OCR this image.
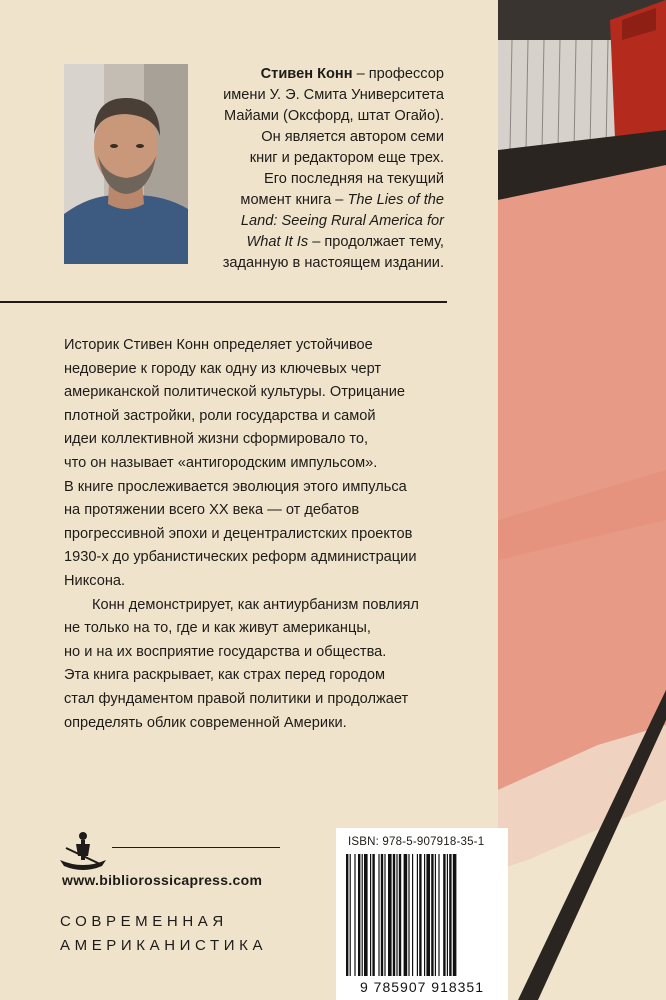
Стивен Конн – профессор
имени У. Э. Смита Университета
Майами (Оксфорд, штат Огайо).
Он является автором семи
книг и редактором еще трех.
Его последняя на текущий
момент книга – The Lies of the
Land: Seeing Rural America for
What It Is – продолжает тему,
заданную в настоящем издании.

Историк Стивен Конн определяет устойчивое
недоверие к городу как одну из ключевых черт
американской политической культуры. Отрицание
плотной застройки, роли государства и самой
идеи коллективной жизни сформировало то,
что он называет «антигородским импульсом».
В книге прослеживается эволюция этого импульса
на протяжении всего XX века — от дебатов
прогрессивной эпохи и децентралистских проектов
1930-х до урбанистических реформ администрации
Никсона.

Конн демонстрирует, как антиурбанизм повлиял
не только на то, где и как живут американцы,
но и на их восприятие государства и общества.
Эта книга раскрывает, как страх перед городом
стал фундаментом правой политики и продолжает
определять облик современной Америки.

www.bibliorossicapress.com
СОВРЕМЕННАЯ
АМЕРИКАНИСТИКА
ISBN: 978-5-907918-35-1
9 785907 918351
